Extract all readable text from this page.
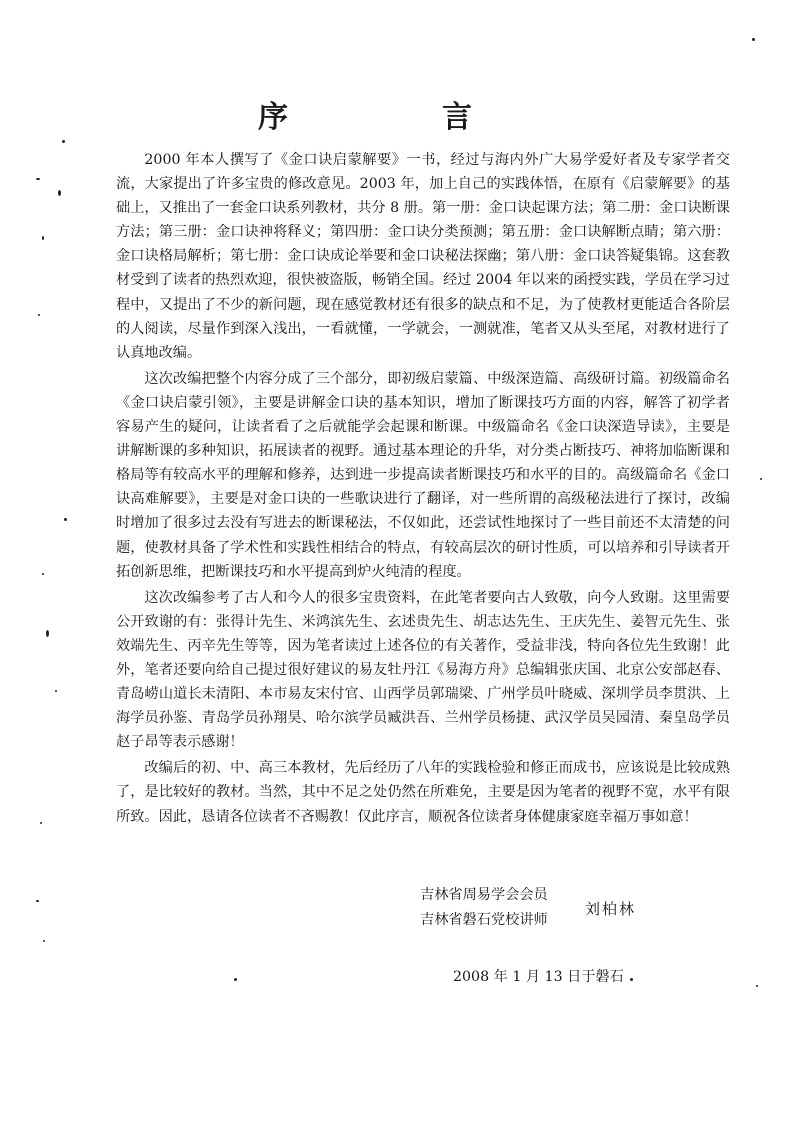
序　言

2000 年本人撰写了《金口诀启蒙解要》一书，经过与海内外广大易学爱好者及专家学者交流，大家提出了许多宝贵的修改意见。2003 年，加上自己的实践体悟，在原有《启蒙解要》的基础上，又推出了一套金口诀系列教材，共分 8 册。第一册：金口诀起课方法；第二册：金口诀断课方法；第三册：金口诀神将释义；第四册：金口诀分类预测；第五册：金口诀解断点睛；第六册：金口诀格局解析；第七册：金口诀成论举要和金口诀秘法探幽；第八册：金口诀答疑集锦。这套教材受到了读者的热烈欢迎，很快被盗版，畅销全国。经过 2004 年以来的函授实践，学员在学习过程中，又提出了不少的新问题，现在感觉教材还有很多的缺点和不足，为了使教材更能适合各阶层的人阅读，尽量作到深入浅出，一看就懂，一学就会，一测就准，笔者又从头至尾，对教材进行了认真地改编。

这次改编把整个内容分成了三个部分，即初级启蒙篇、中级深造篇、高级研讨篇。初级篇命名《金口诀启蒙引领》，主要是讲解金口诀的基本知识，增加了断课技巧方面的内容，解答了初学者容易产生的疑问，让读者看了之后就能学会起课和断课。中级篇命名《金口诀深造导读》，主要是讲解断课的多种知识，拓展读者的视野。通过基本理论的升华，对分类占断技巧、神将加临断课和格局等有较高水平的理解和修养，达到进一步提高读者断课技巧和水平的目的。高级篇命名《金口诀高难解要》，主要是对金口诀的一些歌诀进行了翻译，对一些所谓的高级秘法进行了探讨，改编时增加了很多过去没有写进去的断课秘法，不仅如此，还尝试性地探讨了一些目前还不太清楚的问题，使教材具备了学术性和实践性相结合的特点，有较高层次的研讨性质，可以培养和引导读者开拓创新思维，把断课技巧和水平提高到炉火纯清的程度。

这次改编参考了古人和今人的很多宝贵资料，在此笔者要向古人致敬，向今人致谢。这里需要公开致谢的有：张得计先生、米鸿滨先生、玄述贵先生、胡志达先生、王庆先生、姜智元先生、张效端先生、丙辛先生等等，因为笔者读过上述各位的有关著作，受益非浅，特向各位先生致谢！此外，笔者还要向给自己提过很好建议的易友牡丹江《易海方舟》总编辑张庆国、北京公安部赵春、青岛崂山道长未清阳、本市易友宋付官、山西学员郭瑞梁、广州学员叶晓威、深圳学员李贯洪、上海学员孙鉴、青岛学员孙翔昊、哈尔滨学员臧洪吾、兰州学员杨捷、武汉学员吴园清、秦皇岛学员赵子昂等表示感谢！

改编后的初、中、高三本教材，先后经历了八年的实践检验和修正而成书，应该说是比较成熟了，是比较好的教材。当然，其中不足之处仍然在所难免，主要是因为笔者的视野不宽，水平有限所致。因此，恳请各位读者不吝赐教！仅此序言，顺祝各位读者身体健康家庭幸福万事如意！

吉林省周易学会会员
吉林省磐石党校讲师
刘柏林
2008 年 1 月 13 日于磐石
